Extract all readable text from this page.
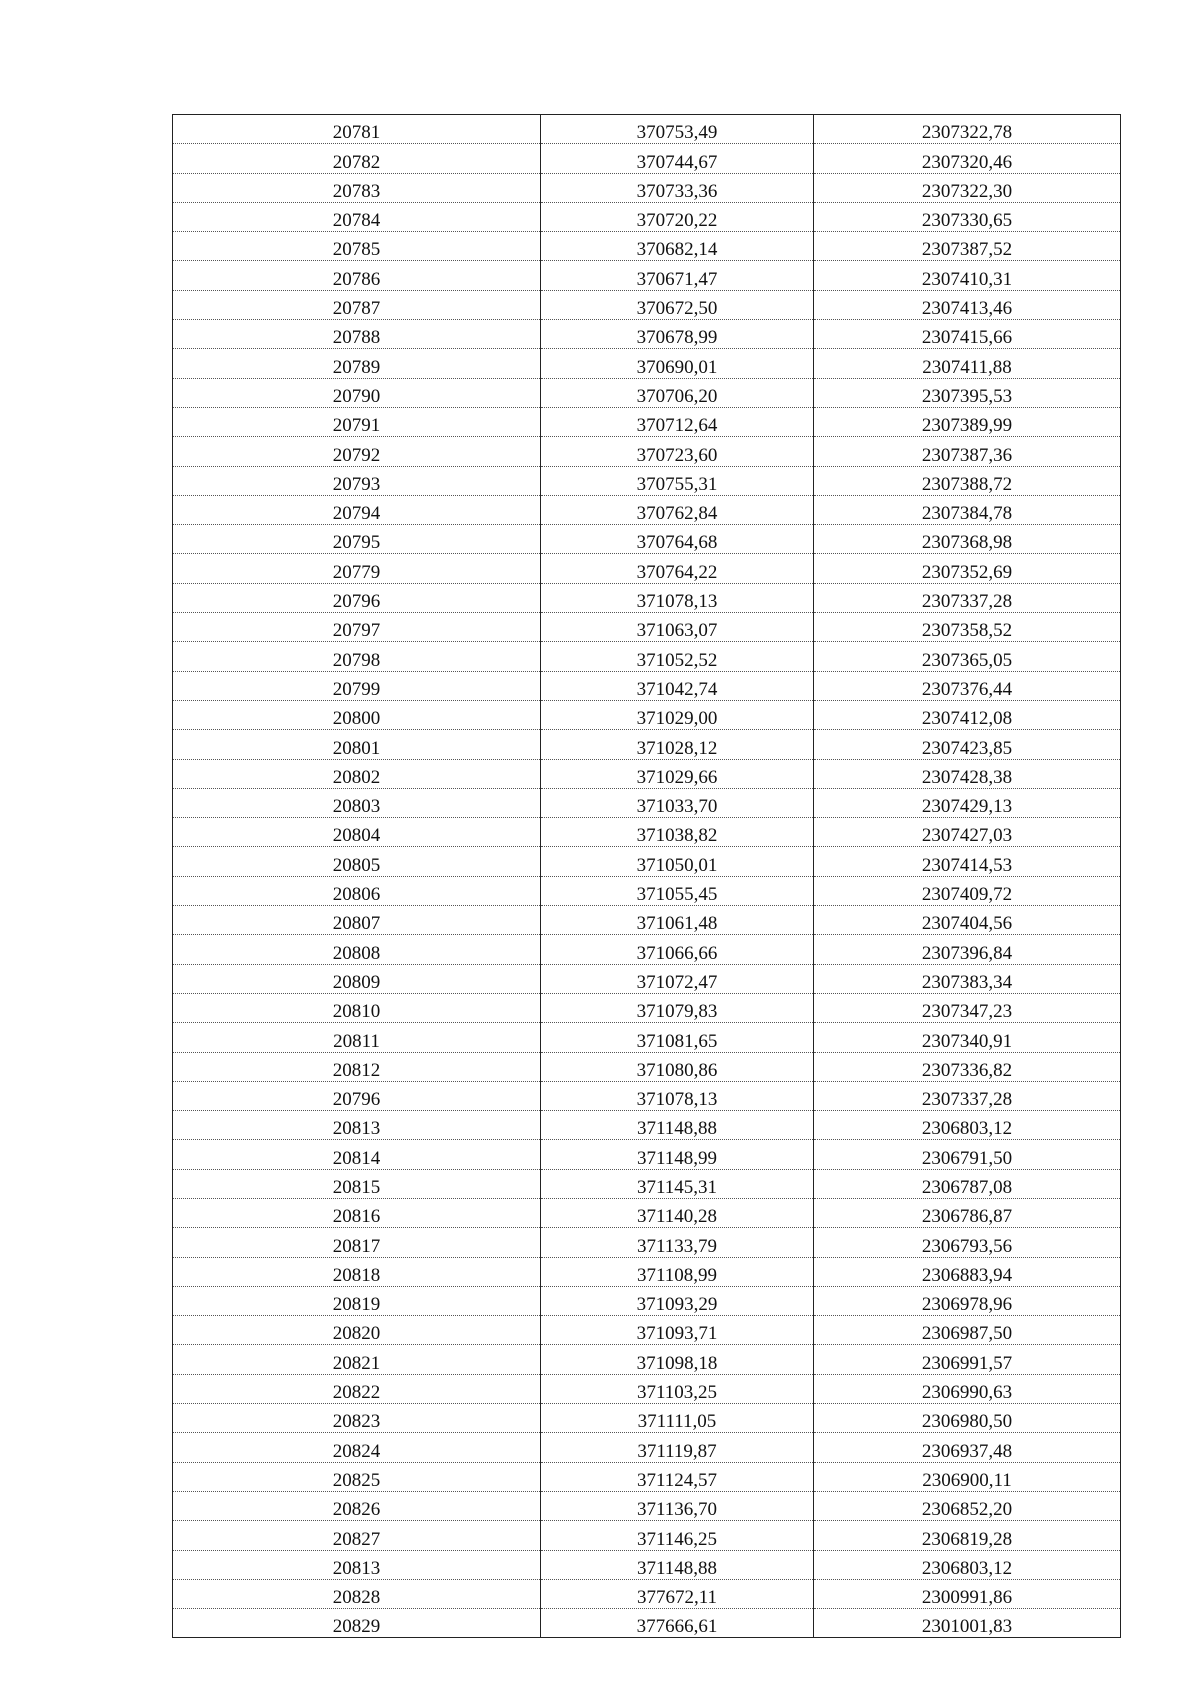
20781	370753,49	2307322,78
20782	370744,67	2307320,46
20783	370733,36	2307322,30
20784	370720,22	2307330,65
20785	370682,14	2307387,52
20786	370671,47	2307410,31
20787	370672,50	2307413,46
20788	370678,99	2307415,66
20789	370690,01	2307411,88
20790	370706,20	2307395,53
20791	370712,64	2307389,99
20792	370723,60	2307387,36
20793	370755,31	2307388,72
20794	370762,84	2307384,78
20795	370764,68	2307368,98
20779	370764,22	2307352,69
20796	371078,13	2307337,28
20797	371063,07	2307358,52
20798	371052,52	2307365,05
20799	371042,74	2307376,44
20800	371029,00	2307412,08
20801	371028,12	2307423,85
20802	371029,66	2307428,38
20803	371033,70	2307429,13
20804	371038,82	2307427,03
20805	371050,01	2307414,53
20806	371055,45	2307409,72
20807	371061,48	2307404,56
20808	371066,66	2307396,84
20809	371072,47	2307383,34
20810	371079,83	2307347,23
20811	371081,65	2307340,91
20812	371080,86	2307336,82
20796	371078,13	2307337,28
20813	371148,88	2306803,12
20814	371148,99	2306791,50
20815	371145,31	2306787,08
20816	371140,28	2306786,87
20817	371133,79	2306793,56
20818	371108,99	2306883,94
20819	371093,29	2306978,96
20820	371093,71	2306987,50
20821	371098,18	2306991,57
20822	371103,25	2306990,63
20823	371111,05	2306980,50
20824	371119,87	2306937,48
20825	371124,57	2306900,11
20826	371136,70	2306852,20
20827	371146,25	2306819,28
20813	371148,88	2306803,12
20828	377672,11	2300991,86
20829	377666,61	2301001,83
